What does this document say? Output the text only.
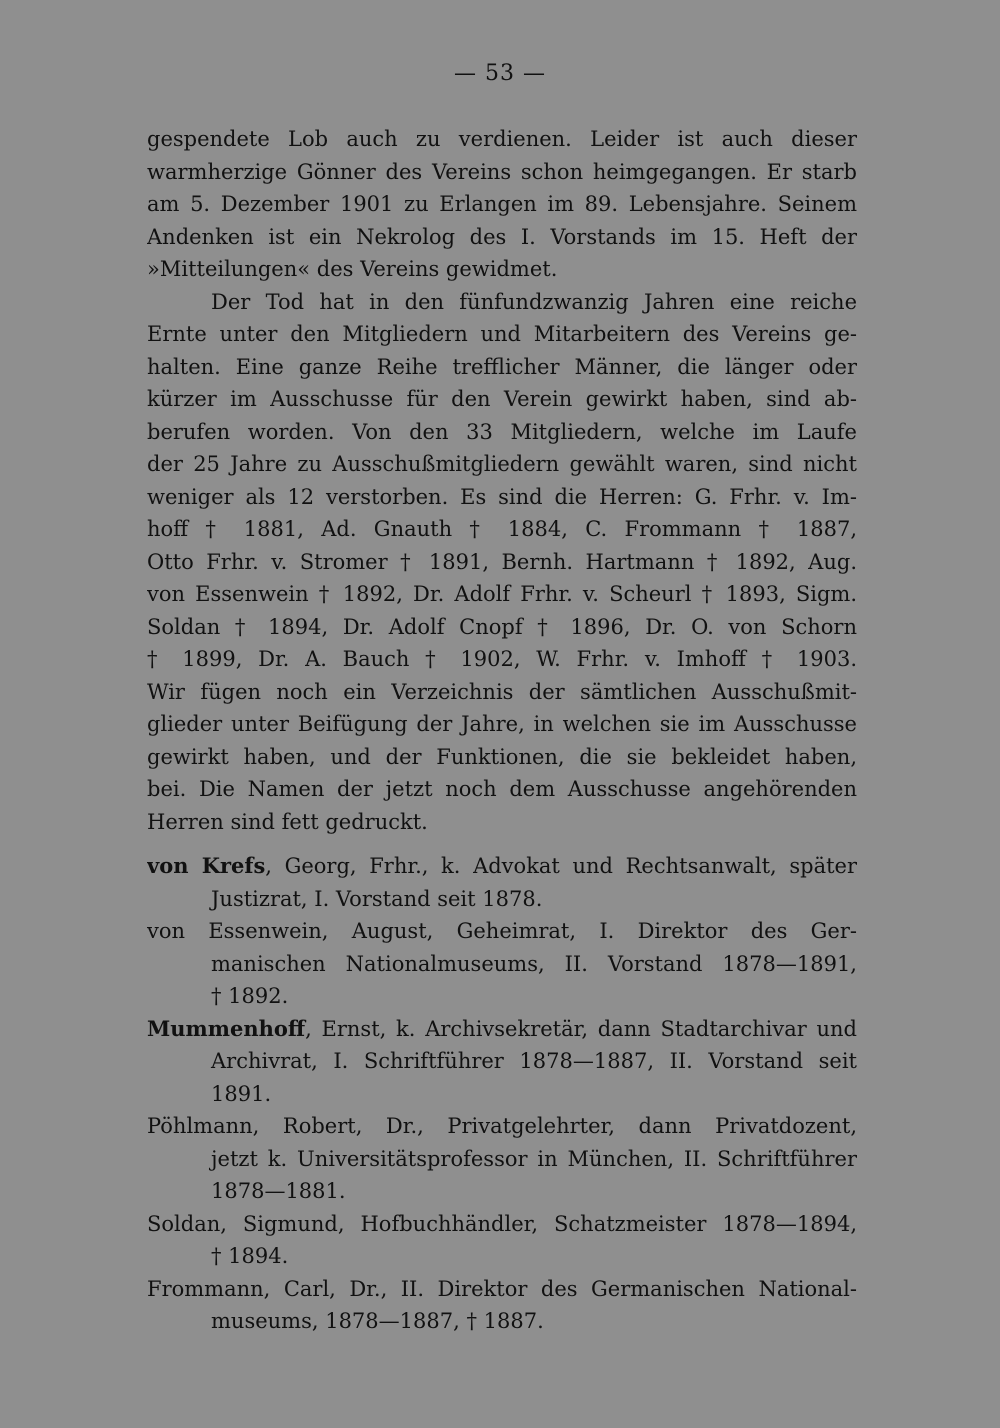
— 53 —
gespendete Lob auch zu verdienen. Leider ist auch dieser
warmherzige Gönner des Vereins schon heimgegangen. Er starb
am 5. Dezember 1901 zu Erlangen im 89. Lebensjahre. Seinem
Andenken ist ein Nekrolog des I. Vorstands im 15. Heft der
»Mitteilungen« des Vereins gewidmet.
Der Tod hat in den fünfundzwanzig Jahren eine reiche
Ernte unter den Mitgliedern und Mitarbeitern des Vereins ge-
halten. Eine ganze Reihe trefflicher Männer, die länger oder
kürzer im Ausschusse für den Verein gewirkt haben, sind ab-
berufen worden. Von den 33 Mitgliedern, welche im Laufe
der 25 Jahre zu Ausschußmitgliedern gewählt waren, sind nicht
weniger als 12 verstorben. Es sind die Herren: G. Frhr. v. Im-
hoff † 1881, Ad. Gnauth † 1884, C. Frommann † 1887,
Otto Frhr. v. Stromer † 1891, Bernh. Hartmann † 1892, Aug.
von Essenwein † 1892, Dr. Adolf Frhr. v. Scheurl † 1893, Sigm.
Soldan † 1894, Dr. Adolf Cnopf † 1896, Dr. O. von Schorn
† 1899, Dr. A. Bauch † 1902, W. Frhr. v. Imhoff † 1903.
Wir fügen noch ein Verzeichnis der sämtlichen Ausschußmit-
glieder unter Beifügung der Jahre, in welchen sie im Ausschusse
gewirkt haben, und der Funktionen, die sie bekleidet haben,
bei. Die Namen der jetzt noch dem Ausschusse angehörenden
Herren sind fett gedruckt.
von Krefs, Georg, Frhr., k. Advokat und Rechtsanwalt, später
Justizrat, I. Vorstand seit 1878.
von Essenwein, August, Geheimrat, I. Direktor des Ger-
manischen Nationalmuseums, II. Vorstand 1878—1891,
† 1892.
Mummenhoff, Ernst, k. Archivsekretär, dann Stadtarchivar und
Archivrat, I. Schriftführer 1878—1887, II. Vorstand seit
1891.
Pöhlmann, Robert, Dr., Privatgelehrter, dann Privatdozent,
jetzt k. Universitätsprofessor in München, II. Schriftführer
1878—1881.
Soldan, Sigmund, Hofbuchhändler, Schatzmeister 1878—1894,
† 1894.
Frommann, Carl, Dr., II. Direktor des Germanischen National-
museums, 1878—1887, † 1887.
